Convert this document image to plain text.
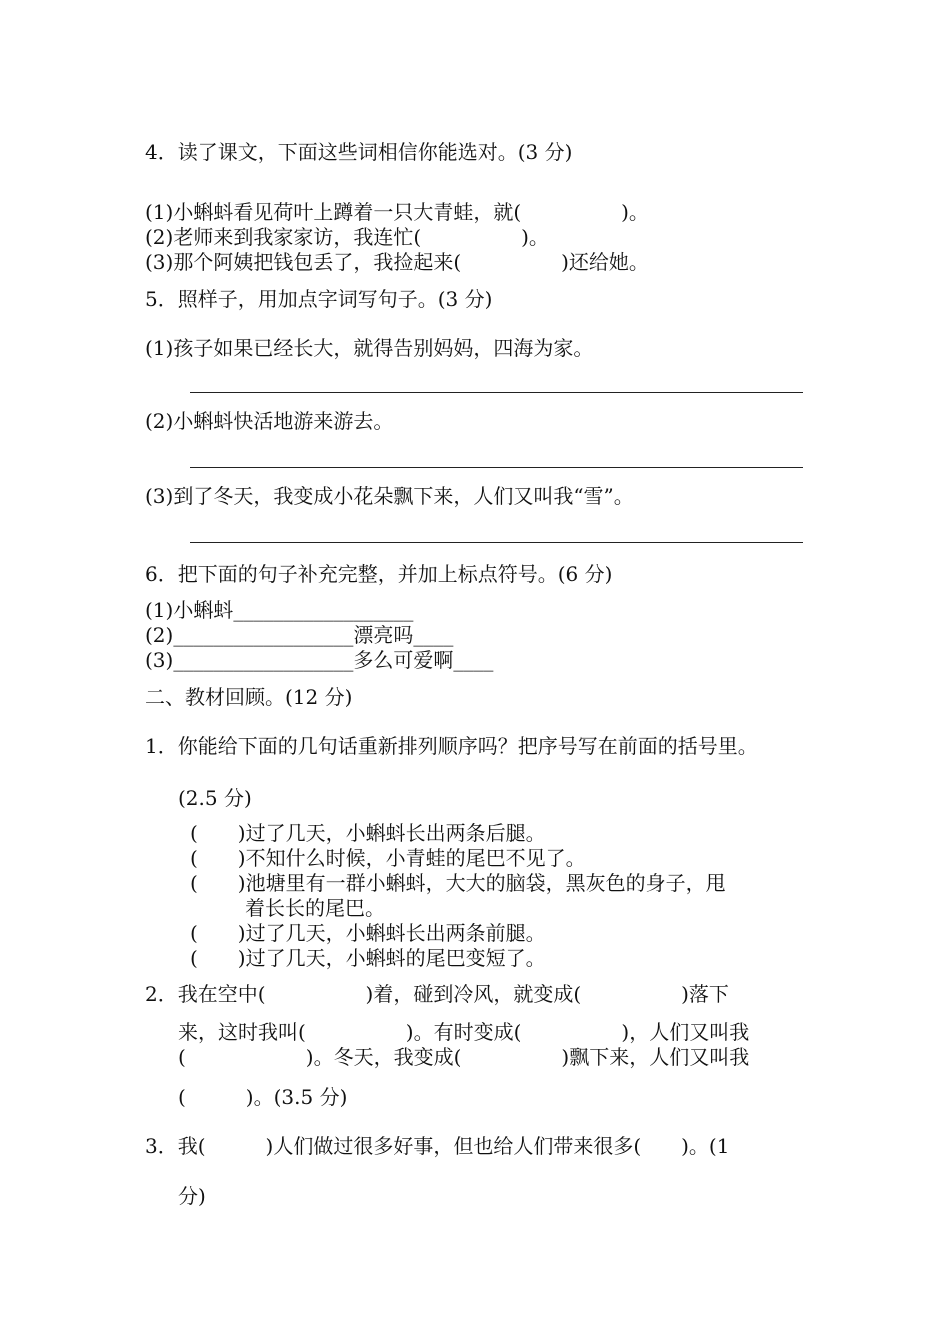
4．读了课文，下面这些词相信你能选对。(3 分)
(1)小蝌蚪看见荷叶上蹲着一只大青蛙，就(　　　　　)。
(2)老师来到我家家访，我连忙(　　　　　)。
(3)那个阿姨把钱包丢了，我捡起来(　　　　　)还给她。
5．照样子，用加点字词写句子。(3 分)
(1)孩子如果已经长大，就得告别妈妈，四海为家。
(2)小蝌蚪快活地游来游去。
(3)到了冬天，我变成小花朵飘下来，人们又叫我“雪”。
6．把下面的句子补充完整，并加上标点符号。(6 分)
(1)小蝌蚪__________________
(2)__________________漂亮吗____
(3)__________________多么可爱啊____
二、教材回顾。(12 分)
1．你能给下面的几句话重新排列顺序吗？把序号写在前面的括号里。
(2.5 分)
(　　)过了几天，小蝌蚪长出两条后腿。
(　　)不知什么时候，小青蛙的尾巴不见了。
(　　)池塘里有一群小蝌蚪，大大的脑袋，黑灰色的身子，甩
着长长的尾巴。
(　　)过了几天，小蝌蚪长出两条前腿。
(　　)过了几天，小蝌蚪的尾巴变短了。
2．我在空中(　　　　　)着，碰到冷风，就变成(　　　　　)落下
来，这时我叫(　　　　　)。有时变成(　　　　　)，人们又叫我
(　　　　　　)。冬天，我变成(　　　　　)飘下来，人们又叫我
(　　　)。(3.5 分)
3．我(　　　)人们做过很多好事，但也给人们带来很多(　　)。(1
分)
